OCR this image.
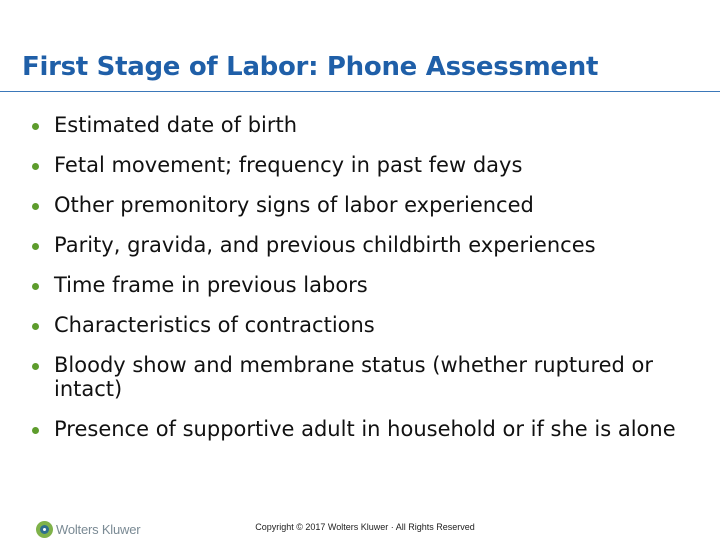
First Stage of Labor: Phone Assessment
Estimated date of birth
Fetal movement; frequency in past few days
Other premonitory signs of labor experienced
Parity, gravida, and previous childbirth experiences
Time frame in previous labors
Characteristics of contractions
Bloody show and membrane status (whether ruptured or intact)
Presence of supportive adult in household or if she is alone
Wolters Kluwer	Copyright © 2017 Wolters Kluwer · All Rights Reserved
